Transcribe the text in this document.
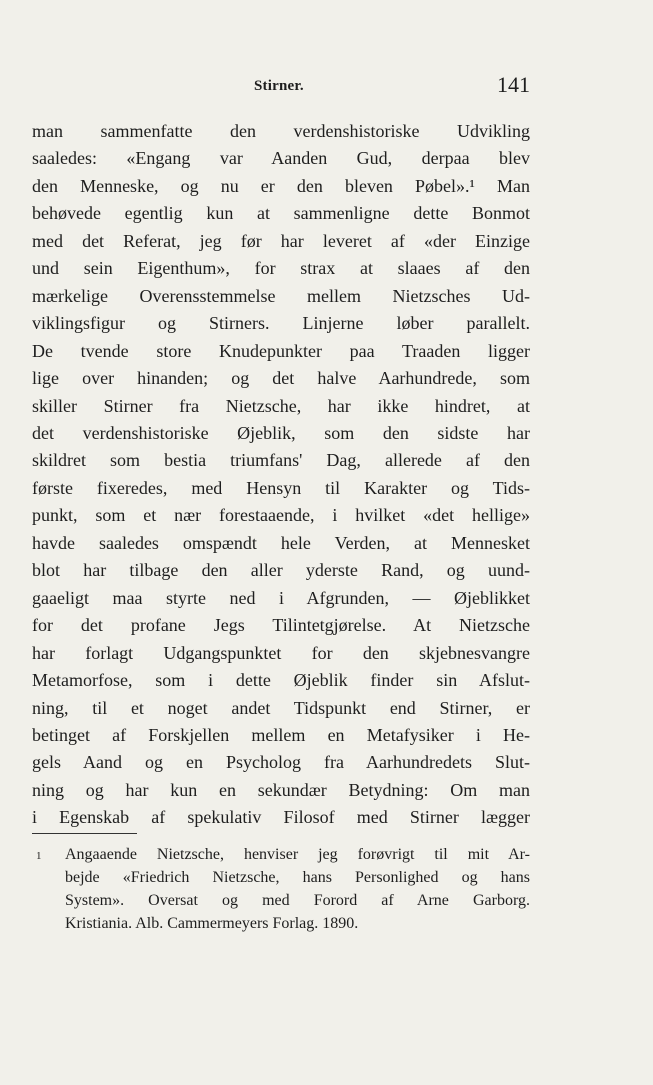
Stirner.	141
man sammenfatte den verdenshistoriske Udvikling
saaledes: «Engang var Aanden Gud, derpaa blev
den Menneske, og nu er den bleven Pøbel».¹ Man
behøvede egentlig kun at sammenligne dette Bonmot
med det Referat, jeg før har leveret af «der Einzige
und sein Eigenthum», for strax at slaaes af den
mærkelige Overensstemmelse mellem Nietzsches Ud-
viklingsfigur og Stirners. Linjerne løber parallelt.
De tvende store Knudepunkter paa Traaden ligger
lige over hinanden; og det halve Aarhundrede, som
skiller Stirner fra Nietzsche, har ikke hindret, at
det verdenshistoriske Øjeblik, som den sidste har
skildret som bestia triumfans' Dag, allerede af den
første fixeredes, med Hensyn til Karakter og Tids-
punkt, som et nær forestaaende, i hvilket «det hellige»
havde saaledes omspændt hele Verden, at Mennesket
blot har tilbage den aller yderste Rand, og uund-
gaaeligt maa styrte ned i Afgrunden, — Øjeblikket
for det profane Jegs Tilintetgjørelse. At Nietzsche
har forlagt Udgangspunktet for den skjebnesvangre
Metamorfose, som i dette Øjeblik finder sin Afslut-
ning, til et noget andet Tidspunkt end Stirner, er
betinget af Forskjellen mellem en Metafysiker i He-
gels Aand og en Psycholog fra Aarhundredets Slut-
ning og har kun en sekundær Betydning: Om man
i Egenskab af spekulativ Filosof med Stirner lægger
1 Angaaende Nietzsche, henviser jeg forøvrigt til mit Ar-
bejde «Friedrich Nietzsche, hans Personlighed og hans
System». Oversat og med Forord af Arne Garborg.
Kristiania. Alb. Cammermeyers Forlag. 1890.
